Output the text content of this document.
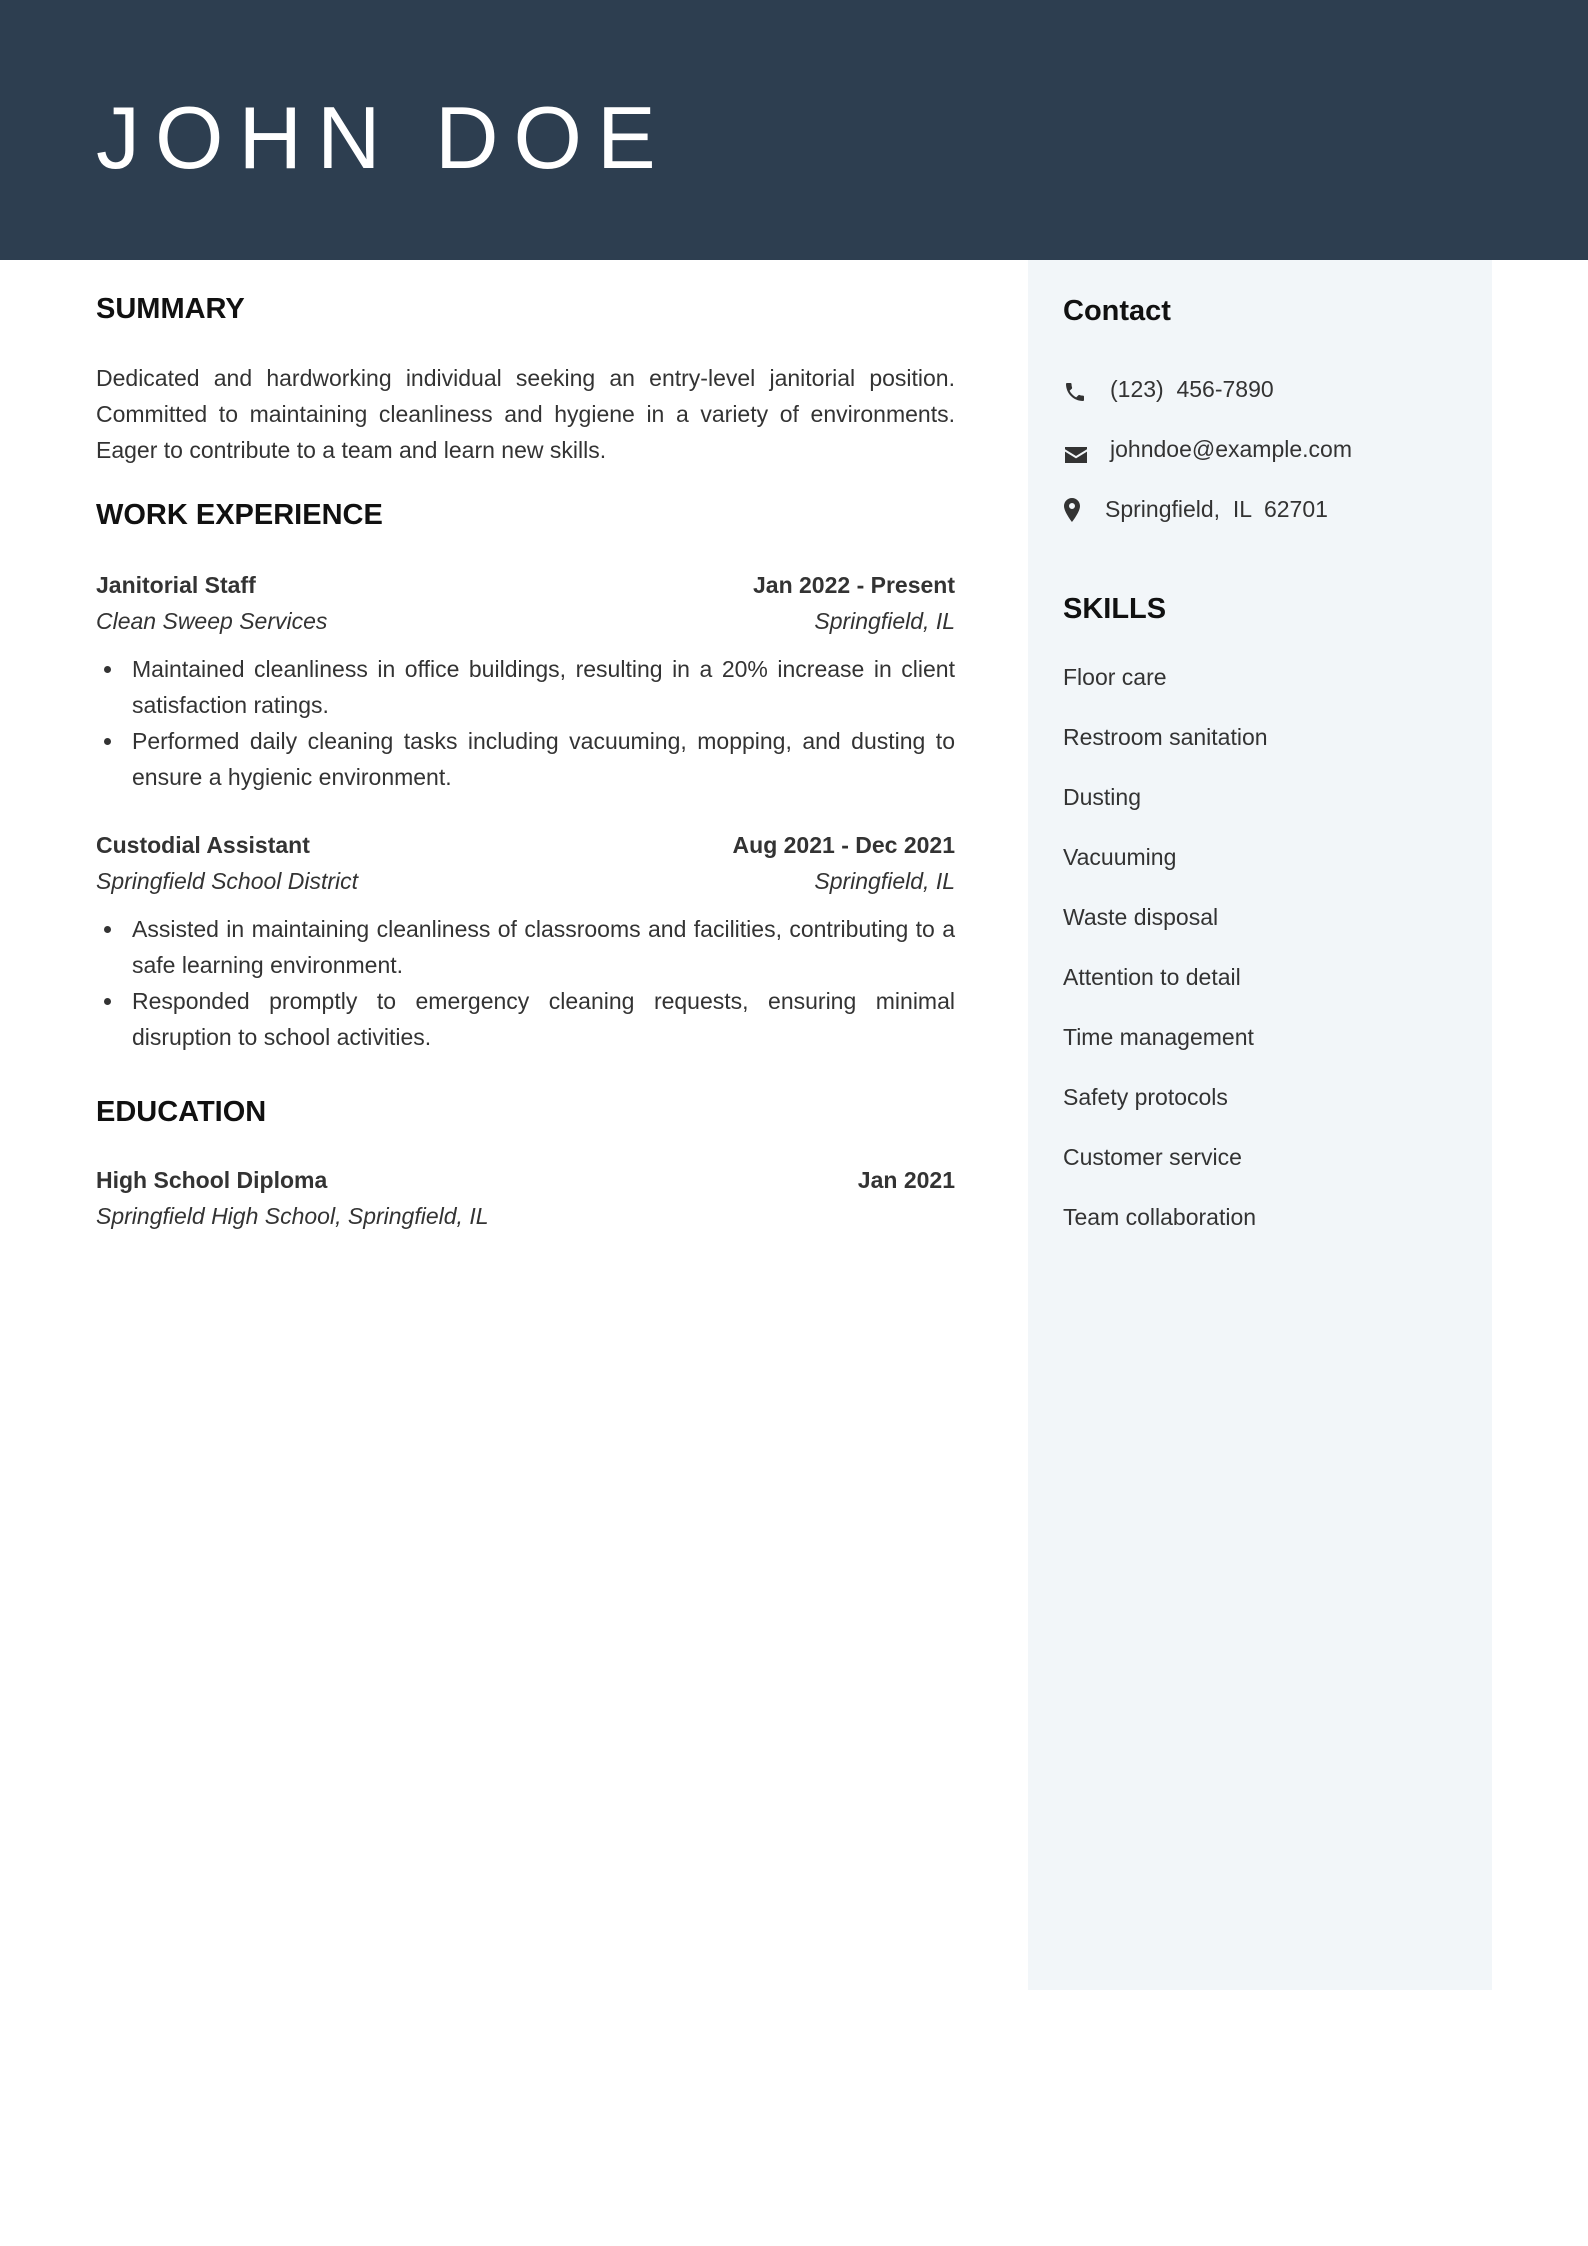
JOHN DOE
SUMMARY

Dedicated and hardworking individual seeking an entry-level janitorial position. Committed to maintaining cleanliness and hygiene in a variety of environments. Eager to contribute to a team and learn new skills.

WORK EXPERIENCE
Janitorial Staff	Jan 2022 - Present
Clean Sweep Services	Springfield, IL
Maintained cleanliness in office buildings, resulting in a 20% increase in client satisfaction ratings.
Performed daily cleaning tasks including vacuuming, mopping, and dusting to ensure a hygienic environment.
Custodial Assistant	Aug 2021 - Dec 2021
Springfield School District	Springfield, IL
Assisted in maintaining cleanliness of classrooms and facilities, contributing to a safe learning environment.
Responded promptly to emergency cleaning requests, ensuring minimal disruption to school activities.
EDUCATION
High School Diploma	Jan 2021
Springfield High School, Springfield, IL
Contact
(123)  456-7890
johndoe@example.com
Springfield,  IL  62701
SKILLS
Floor care
Restroom sanitation
Dusting
Vacuuming
Waste disposal
Attention to detail
Time management
Safety protocols
Customer service
Team collaboration
